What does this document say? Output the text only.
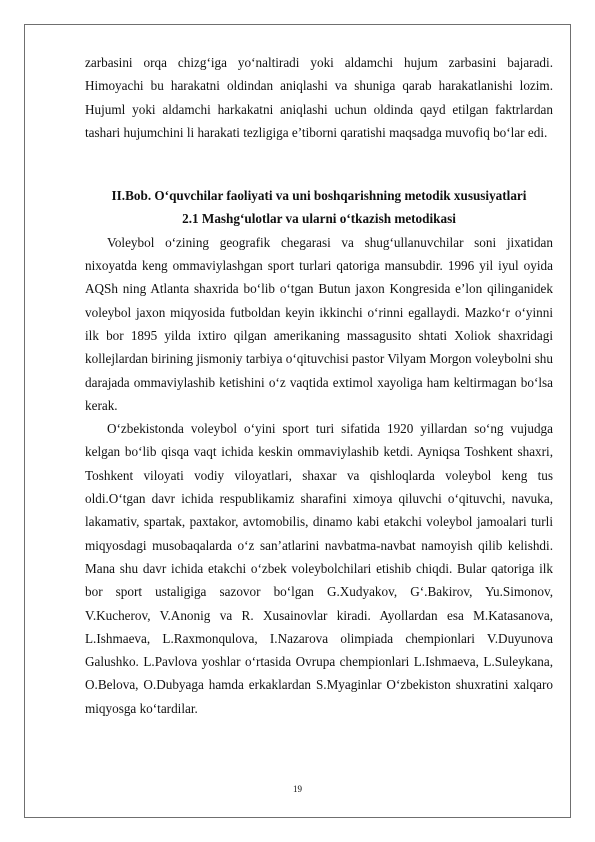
zarbasini orqa chizg‘iga yo‘naltiradi yoki aldamchi hujum zarbasini bajaradi. Himoyachi bu harakatni oldindan aniqlashi va shuniga qarab harakatlanishi lozim. Hujuml yoki aldamchi harkakatni aniqlashi uchun oldinda qayd etilgan faktrlardan tashari hujumchini li harakati tezligiga e’tiborni qaratishi maqsadga muvofiq bo‘lar edi.

II.Bob. O‘quvchilar faoliyati va uni boshqarishning metodik xususiyatlari

2.1 Mashg‘ulotlar va ularni o‘tkazish metodikasi

Voleybol o‘zining geografik chegarasi va shug‘ullanuvchilar soni jixatidan nixoyatda keng ommaviylashgan sport turlari qatoriga mansubdir. 1996 yil iyul oyida AQSh ning Atlanta shaxrida bo‘lib o‘tgan Butun jaxon Kongresida e’lon qilinganidek voleybol jaxon miqyosida futboldan keyin ikkinchi o‘rinni egallaydi. Mazko‘r o‘yinni ilk bor 1895 yilda ixtiro qilgan amerikaning massagusito shtati Xoliok shaxridagi kollejlardan birining jismoniy tarbiya o‘qituvchisi pastor Vilyam Morgon voleybolni shu darajada ommaviylashib ketishini o‘z vaqtida extimol xayoliga ham keltirmagan bo‘lsa kerak.

O‘zbekistonda voleybol o‘yini sport turi sifatida 1920 yillardan so‘ng vujudga kelgan bo‘lib qisqa vaqt ichida keskin ommaviylashib ketdi. Ayniqsa Toshkent shaxri, Toshkent viloyati vodiy viloyatlari, shaxar va qishloqlarda voleybol keng tus oldi.O‘tgan davr ichida respublikamiz sharafini ximoya qiluvchi o‘qituvchi, navuka, lakamativ, spartak, paxtakor, avtomobilis, dinamo kabi etakchi voleybol jamoalari turli miqyosdagi musobaqalarda o‘z san’atlarini navbatma-navbat namoyish qilib kelishdi. Mana shu davr ichida etakchi o‘zbek voleybolchilari etishib chiqdi. Bular qatoriga ilk bor sport ustaligiga sazovor bo‘lgan G.Xudyakov, G‘.Bakirov, Yu.Simonov, V.Kucherov, V.Anonig va R. Xusainovlar kiradi. Ayollardan esa M.Katasanova, L.Ishmaeva, L.Raxmonqulova, I.Nazarova olimpiada chempionlari V.Duyunova Galushko. L.Pavlova yoshlar o‘rtasida Ovrupa chempionlari L.Ishmaeva, L.Suleykana, O.Belova, O.Dubyaga hamda erkaklardan S.Myaginlar O‘zbekiston shuxratini xalqaro miqyosga ko‘tardilar.

19
